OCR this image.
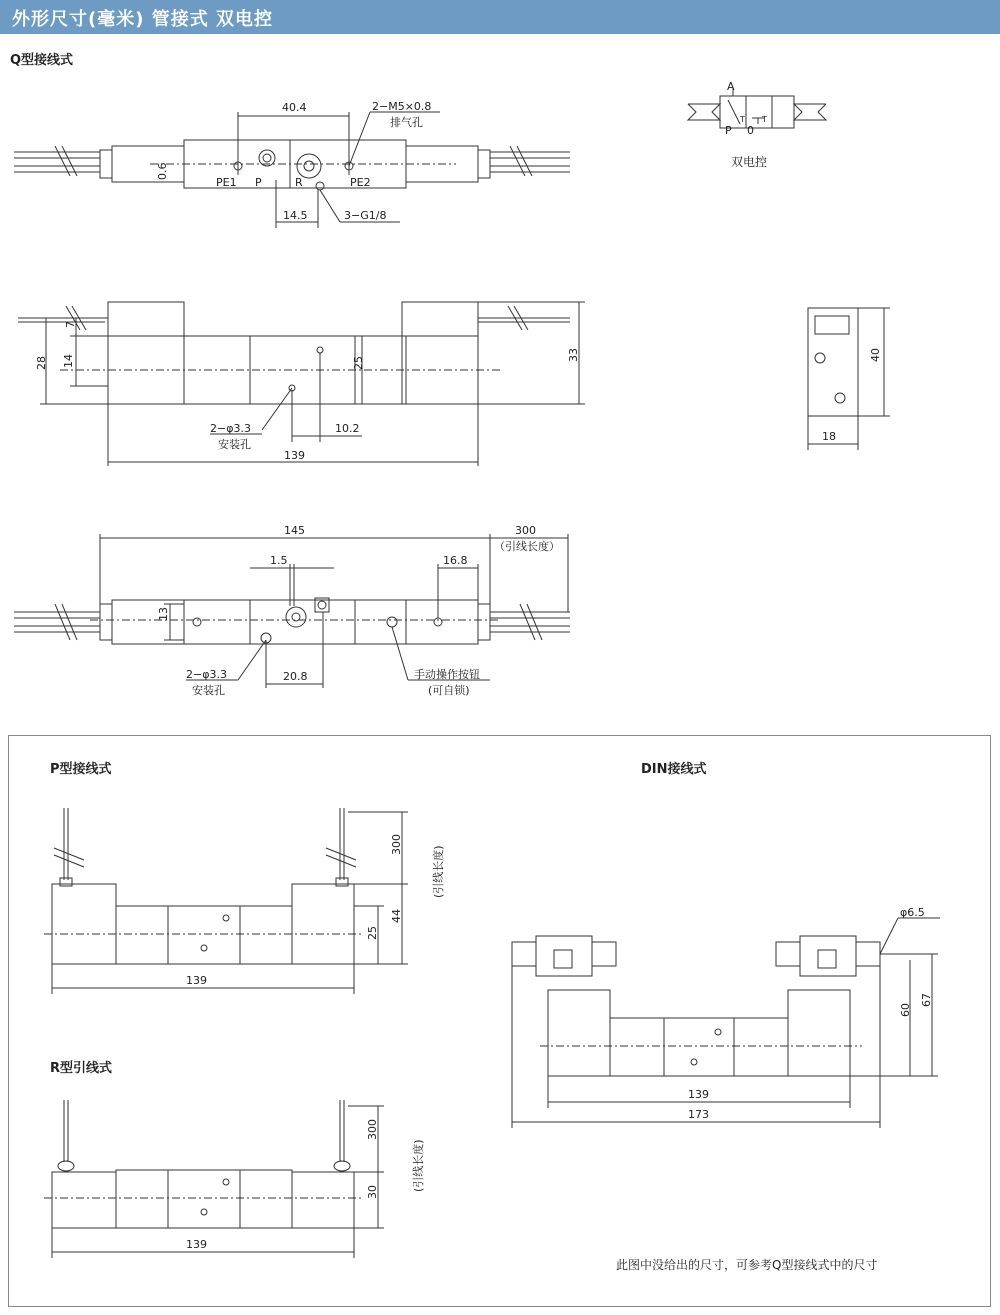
外形尺寸(毫米) 管接式 双电控
Q型接线式
P型接线式	DIN接线式
R型引线式
此图中没给出的尺寸，可参考Q型接线式中的尺寸
A
P 0
T T
双电控
40.4	2−M5×0.8
排气孔
0.6
PE1 P	R	PE2
14.5	3−G1/8
28
7
14	25
33
2−φ3.3
安装孔
10.2
139
40
18
145	300
（引线长度）
1.5	16.8
13
20.8
2−φ3.3
安装孔
手动操作按钮
(可自锁)
300
(引线长度)
44
25
139
φ6.5
60
67
139
173
300
(引线长度)
30
139
